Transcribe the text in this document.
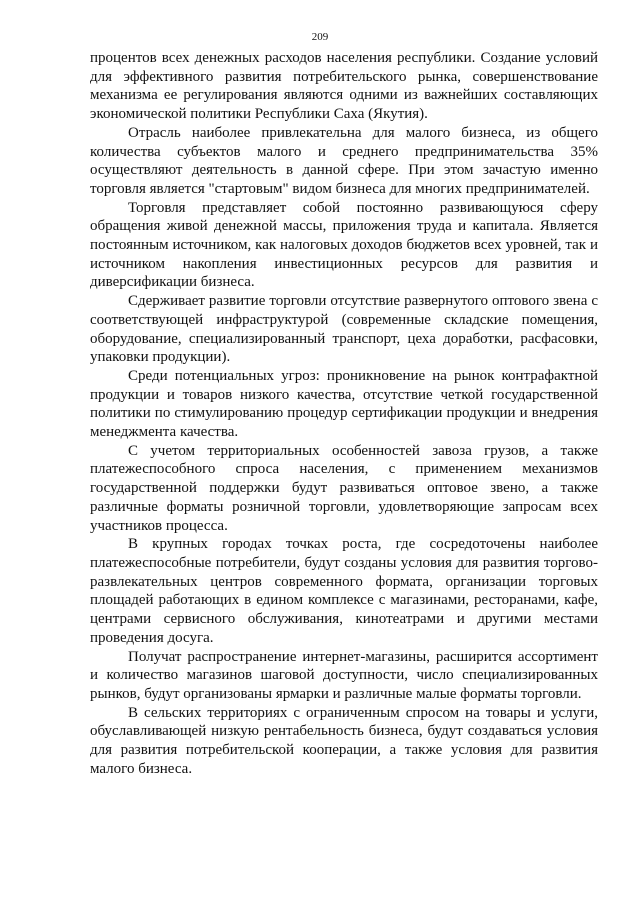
209

процентов всех денежных расходов населения республики. Создание условий для эффективного развития потребительского рынка, совершенствование механизма ее регулирования являются одними из важнейших составляющих экономической политики Республики Саха (Якутия).

Отрасль наиболее привлекательна для малого бизнеса, из общего количества субъектов малого и среднего предпринимательства 35% осуществляют деятельность в данной сфере. При этом зачастую именно торговля является "стартовым" видом бизнеса для многих предпринимателей.

Торговля представляет собой постоянно развивающуюся сферу обращения живой денежной массы, приложения труда и капитала. Является постоянным источником, как налоговых доходов бюджетов всех уровней, так и источником накопления инвестиционных ресурсов для развития и диверсификации бизнеса.

Сдерживает развитие торговли отсутствие развернутого оптового звена с соответствующей инфраструктурой (современные складские помещения, оборудование, специализированный транспорт, цеха доработки, расфасовки, упаковки продукции).

Среди потенциальных угроз: проникновение на рынок контрафактной продукции и товаров низкого качества, отсутствие четкой государственной политики по стимулированию процедур сертификации продукции и внедрения менеджмента качества.

С учетом территориальных особенностей завоза грузов, а также платежеспособного спроса населения, с применением механизмов государственной поддержки будут развиваться оптовое звено, а также различные форматы розничной торговли, удовлетворяющие запросам всех участников процесса.

В крупных городах точках роста, где сосредоточены наиболее платежеспособные потребители, будут созданы условия для развития торгово-развлекательных центров современного формата, организации торговых площадей работающих в едином комплексе с магазинами, ресторанами, кафе, центрами сервисного обслуживания, кинотеатрами и другими местами проведения досуга.

Получат распространение интернет-магазины, расширится ассортимент и количество магазинов шаговой доступности, число специализированных рынков, будут организованы ярмарки и различные малые форматы торговли.

В сельских территориях с ограниченным спросом на товары и услуги, обуславливающей низкую рентабельность бизнеса, будут создаваться условия для развития потребительской кооперации, а также условия для развития малого бизнеса.
